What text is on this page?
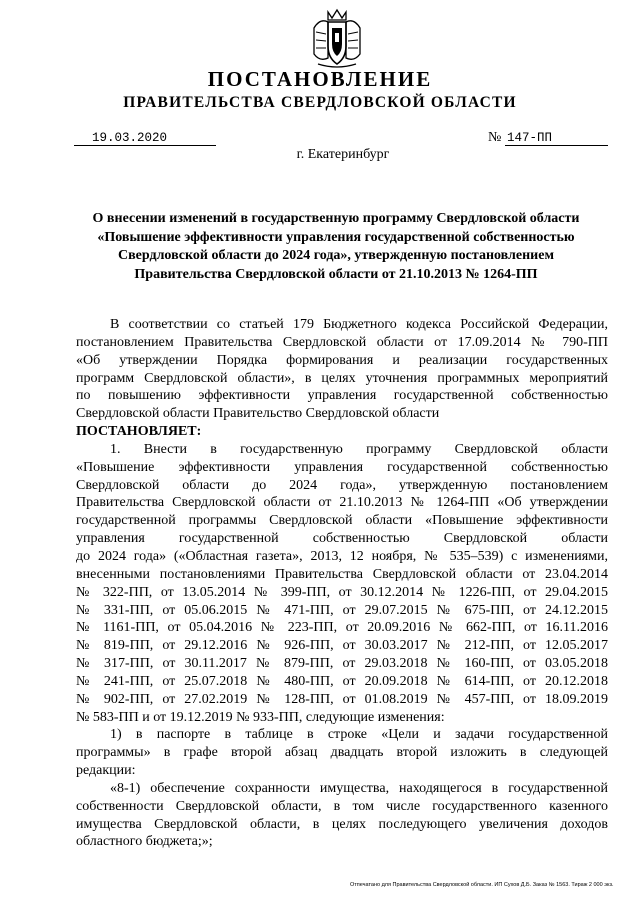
ПОСТАНОВЛЕНИЕ
ПРАВИТЕЛЬСТВА СВЕРДЛОВСКОЙ ОБЛАСТИ
19.03.2020	№ 147-ПП
г. Екатеринбург
О внесении изменений в государственную программу Свердловской области
«Повышение эффективности управления государственной собственностью
Свердловской области до 2024 года», утвержденную постановлением
Правительства Свердловской области от 21.10.2013 № 1264-ПП
В соответствии со статьей 179 Бюджетного кодекса Российской Федерации,
постановлением Правительства Свердловской области от 17.09.2014 № 790-ПП
«Об утверждении Порядка формирования и реализации государственных
программ Свердловской области», в целях уточнения программных мероприятий
по повышению эффективности управления государственной собственностью
Свердловской области Правительство Свердловской области
ПОСТАНОВЛЯЕТ:
1. Внести в государственную программу Свердловской области
«Повышение эффективности управления государственной собственностью
Свердловской области до 2024 года», утвержденную постановлением
Правительства Свердловской области от 21.10.2013 № 1264-ПП «Об утверждении
государственной программы Свердловской области «Повышение эффективности
управления государственной собственностью Свердловской области
до 2024 года» («Областная газета», 2013, 12 ноября, № 535–539) с изменениями,
внесенными постановлениями Правительства Свердловской области от 23.04.2014
№ 322-ПП, от 13.05.2014 № 399-ПП, от 30.12.2014 № 1226-ПП, от 29.04.2015
№ 331-ПП, от 05.06.2015 № 471-ПП, от 29.07.2015 № 675-ПП, от 24.12.2015
№ 1161-ПП, от 05.04.2016 № 223-ПП, от 20.09.2016 № 662-ПП, от 16.11.2016
№ 819-ПП, от 29.12.2016 № 926-ПП, от 30.03.2017 № 212-ПП, от 12.05.2017
№ 317-ПП, от 30.11.2017 № 879-ПП, от 29.03.2018 № 160-ПП, от 03.05.2018
№ 241-ПП, от 25.07.2018 № 480-ПП, от 20.09.2018 № 614-ПП, от 20.12.2018
№ 902-ПП, от 27.02.2019 № 128-ПП, от 01.08.2019 № 457-ПП, от 18.09.2019
№ 583-ПП и от 19.12.2019 № 933-ПП, следующие изменения:
1) в паспорте в таблице в строке «Цели и задачи государственной
программы» в графе второй абзац двадцать второй изложить в следующей
редакции:
«8-1) обеспечение сохранности имущества, находящегося в государственной
собственности Свердловской области, в том числе государственного казенного
имущества Свердловской области, в целях последующего увеличения доходов
областного бюджета;»;
Отпечатано для Правительства Свердловской области. ИП Сухов Д.Б. Заказ № 1563. Тираж 2 000 экз.
